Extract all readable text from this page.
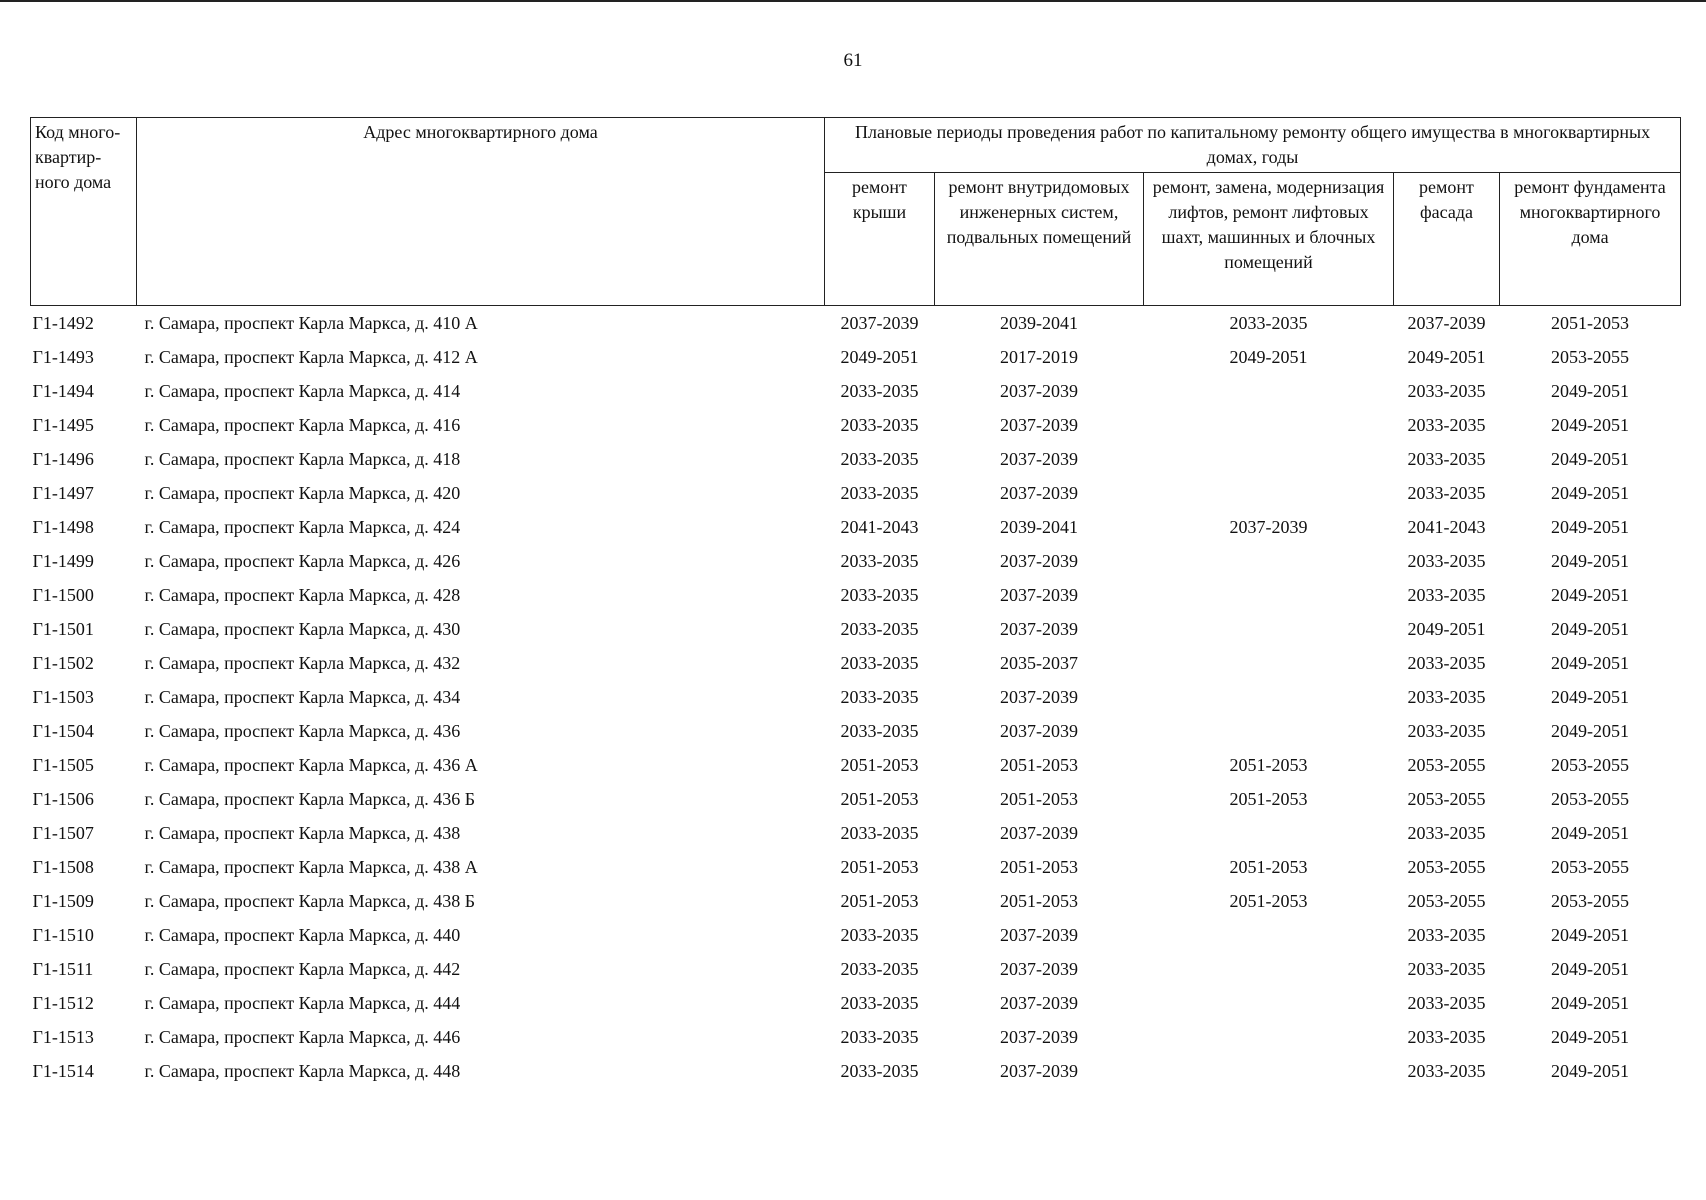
61
Код много-квартир-ного дома	Адрес многоквартирного дома	Плановые периоды проведения работ по капитальному ремонту общего имущества в многоквартирных домах, годы				
		ремонт крыши	ремонт внутридомовых инженерных систем, подвальных помещений	ремонт, замена, модернизация лифтов, ремонт лифтовых шахт, машинных и блочных помещений	ремонт фасада	ремонт фундамента многоквартирного дома
Г1-1492	г. Самара, проспект Карла Маркса, д. 410 А	2037-2039	2039-2041	2033-2035	2037-2039	2051-2053
Г1-1493	г. Самара, проспект Карла Маркса, д. 412 А	2049-2051	2017-2019	2049-2051	2049-2051	2053-2055
Г1-1494	г. Самара, проспект Карла Маркса, д. 414	2033-2035	2037-2039		2033-2035	2049-2051
Г1-1495	г. Самара, проспект Карла Маркса, д. 416	2033-2035	2037-2039		2033-2035	2049-2051
Г1-1496	г. Самара, проспект Карла Маркса, д. 418	2033-2035	2037-2039		2033-2035	2049-2051
Г1-1497	г. Самара, проспект Карла Маркса, д. 420	2033-2035	2037-2039		2033-2035	2049-2051
Г1-1498	г. Самара, проспект Карла Маркса, д. 424	2041-2043	2039-2041	2037-2039	2041-2043	2049-2051
Г1-1499	г. Самара, проспект Карла Маркса, д. 426	2033-2035	2037-2039		2033-2035	2049-2051
Г1-1500	г. Самара, проспект Карла Маркса, д. 428	2033-2035	2037-2039		2033-2035	2049-2051
Г1-1501	г. Самара, проспект Карла Маркса, д. 430	2033-2035	2037-2039		2049-2051	2049-2051
Г1-1502	г. Самара, проспект Карла Маркса, д. 432	2033-2035	2035-2037		2033-2035	2049-2051
Г1-1503	г. Самара, проспект Карла Маркса, д. 434	2033-2035	2037-2039		2033-2035	2049-2051
Г1-1504	г. Самара, проспект Карла Маркса, д. 436	2033-2035	2037-2039		2033-2035	2049-2051
Г1-1505	г. Самара, проспект Карла Маркса, д. 436 А	2051-2053	2051-2053	2051-2053	2053-2055	2053-2055
Г1-1506	г. Самара, проспект Карла Маркса, д. 436 Б	2051-2053	2051-2053	2051-2053	2053-2055	2053-2055
Г1-1507	г. Самара, проспект Карла Маркса, д. 438	2033-2035	2037-2039		2033-2035	2049-2051
Г1-1508	г. Самара, проспект Карла Маркса, д. 438 А	2051-2053	2051-2053	2051-2053	2053-2055	2053-2055
Г1-1509	г. Самара, проспект Карла Маркса, д. 438 Б	2051-2053	2051-2053	2051-2053	2053-2055	2053-2055
Г1-1510	г. Самара, проспект Карла Маркса, д. 440	2033-2035	2037-2039		2033-2035	2049-2051
Г1-1511	г. Самара, проспект Карла Маркса, д. 442	2033-2035	2037-2039		2033-2035	2049-2051
Г1-1512	г. Самара, проспект Карла Маркса, д. 444	2033-2035	2037-2039		2033-2035	2049-2051
Г1-1513	г. Самара, проспект Карла Маркса, д. 446	2033-2035	2037-2039		2033-2035	2049-2051
Г1-1514	г. Самара, проспект Карла Маркса, д. 448	2033-2035	2037-2039		2033-2035	2049-2051
